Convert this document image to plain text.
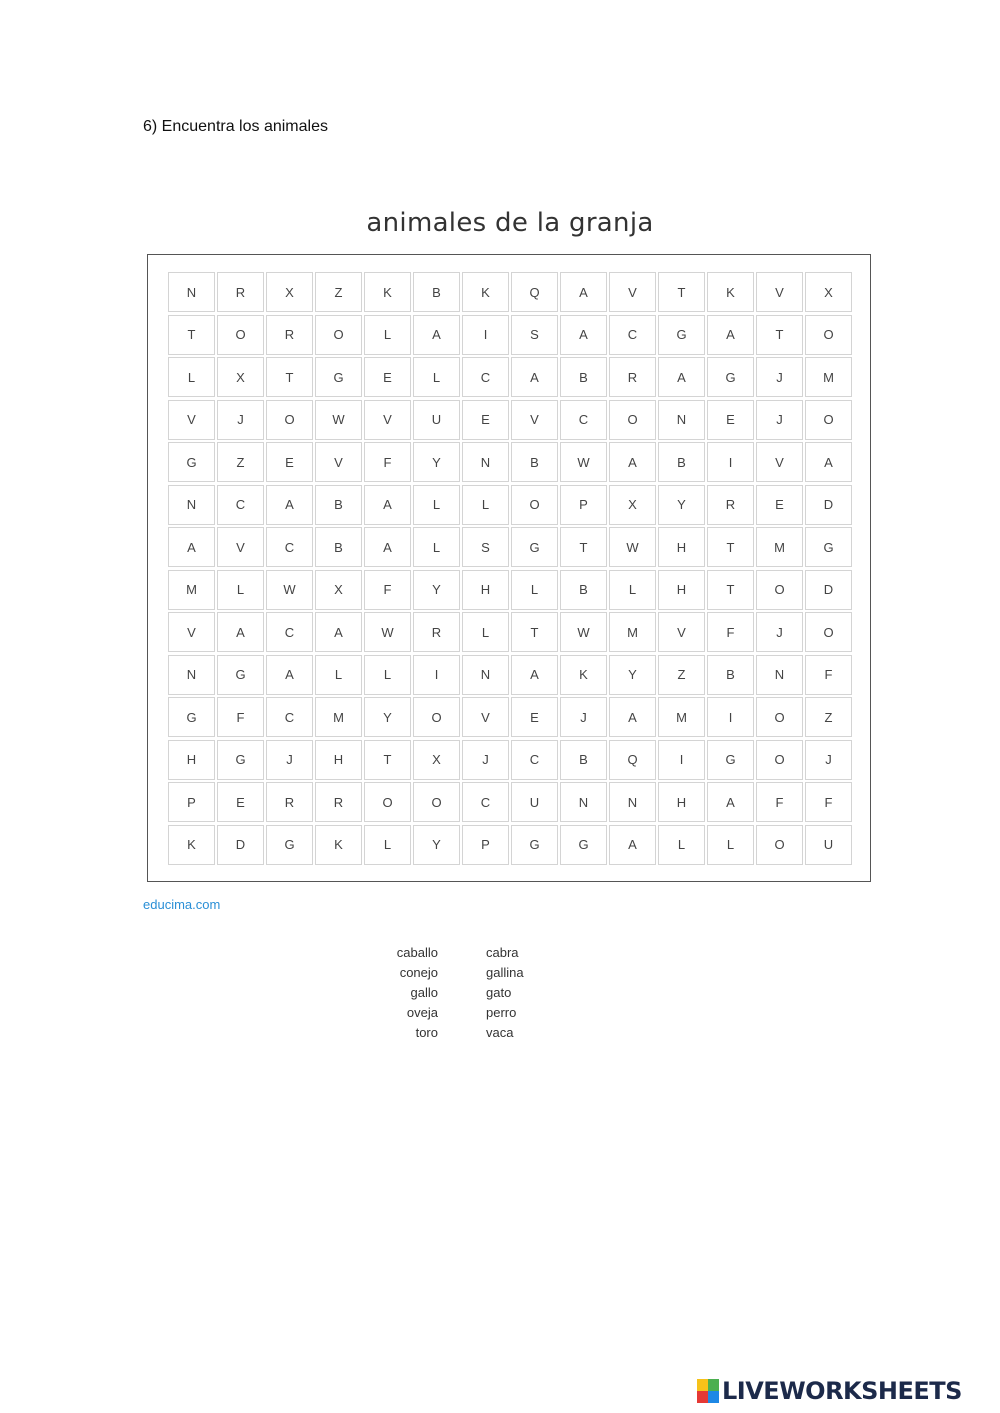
6) Encuentra los animales
animales de la granja
N	R	X	Z	K	B	K	Q	A	V	T	K	V	X
T	O	R	O	L	A	I	S	A	C	G	A	T	O
L	X	T	G	E	L	C	A	B	R	A	G	J	M
V	J	O	W	V	U	E	V	C	O	N	E	J	O
G	Z	E	V	F	Y	N	B	W	A	B	I	V	A
N	C	A	B	A	L	L	O	P	X	Y	R	E	D
A	V	C	B	A	L	S	G	T	W	H	T	M	G
M	L	W	X	F	Y	H	L	B	L	H	T	O	D
V	A	C	A	W	R	L	T	W	M	V	F	J	O
N	G	A	L	L	I	N	A	K	Y	Z	B	N	F
G	F	C	M	Y	O	V	E	J	A	M	I	O	Z
H	G	J	H	T	X	J	C	B	Q	I	G	O	J
P	E	R	R	O	O	C	U	N	N	H	A	F	F
K	D	G	K	L	Y	P	G	G	A	L	L	O	U
educima.com
caballo
conejo
gallo
oveja
toro
cabra
gallina
gato
perro
vaca
LIVEWORKSHEETS
